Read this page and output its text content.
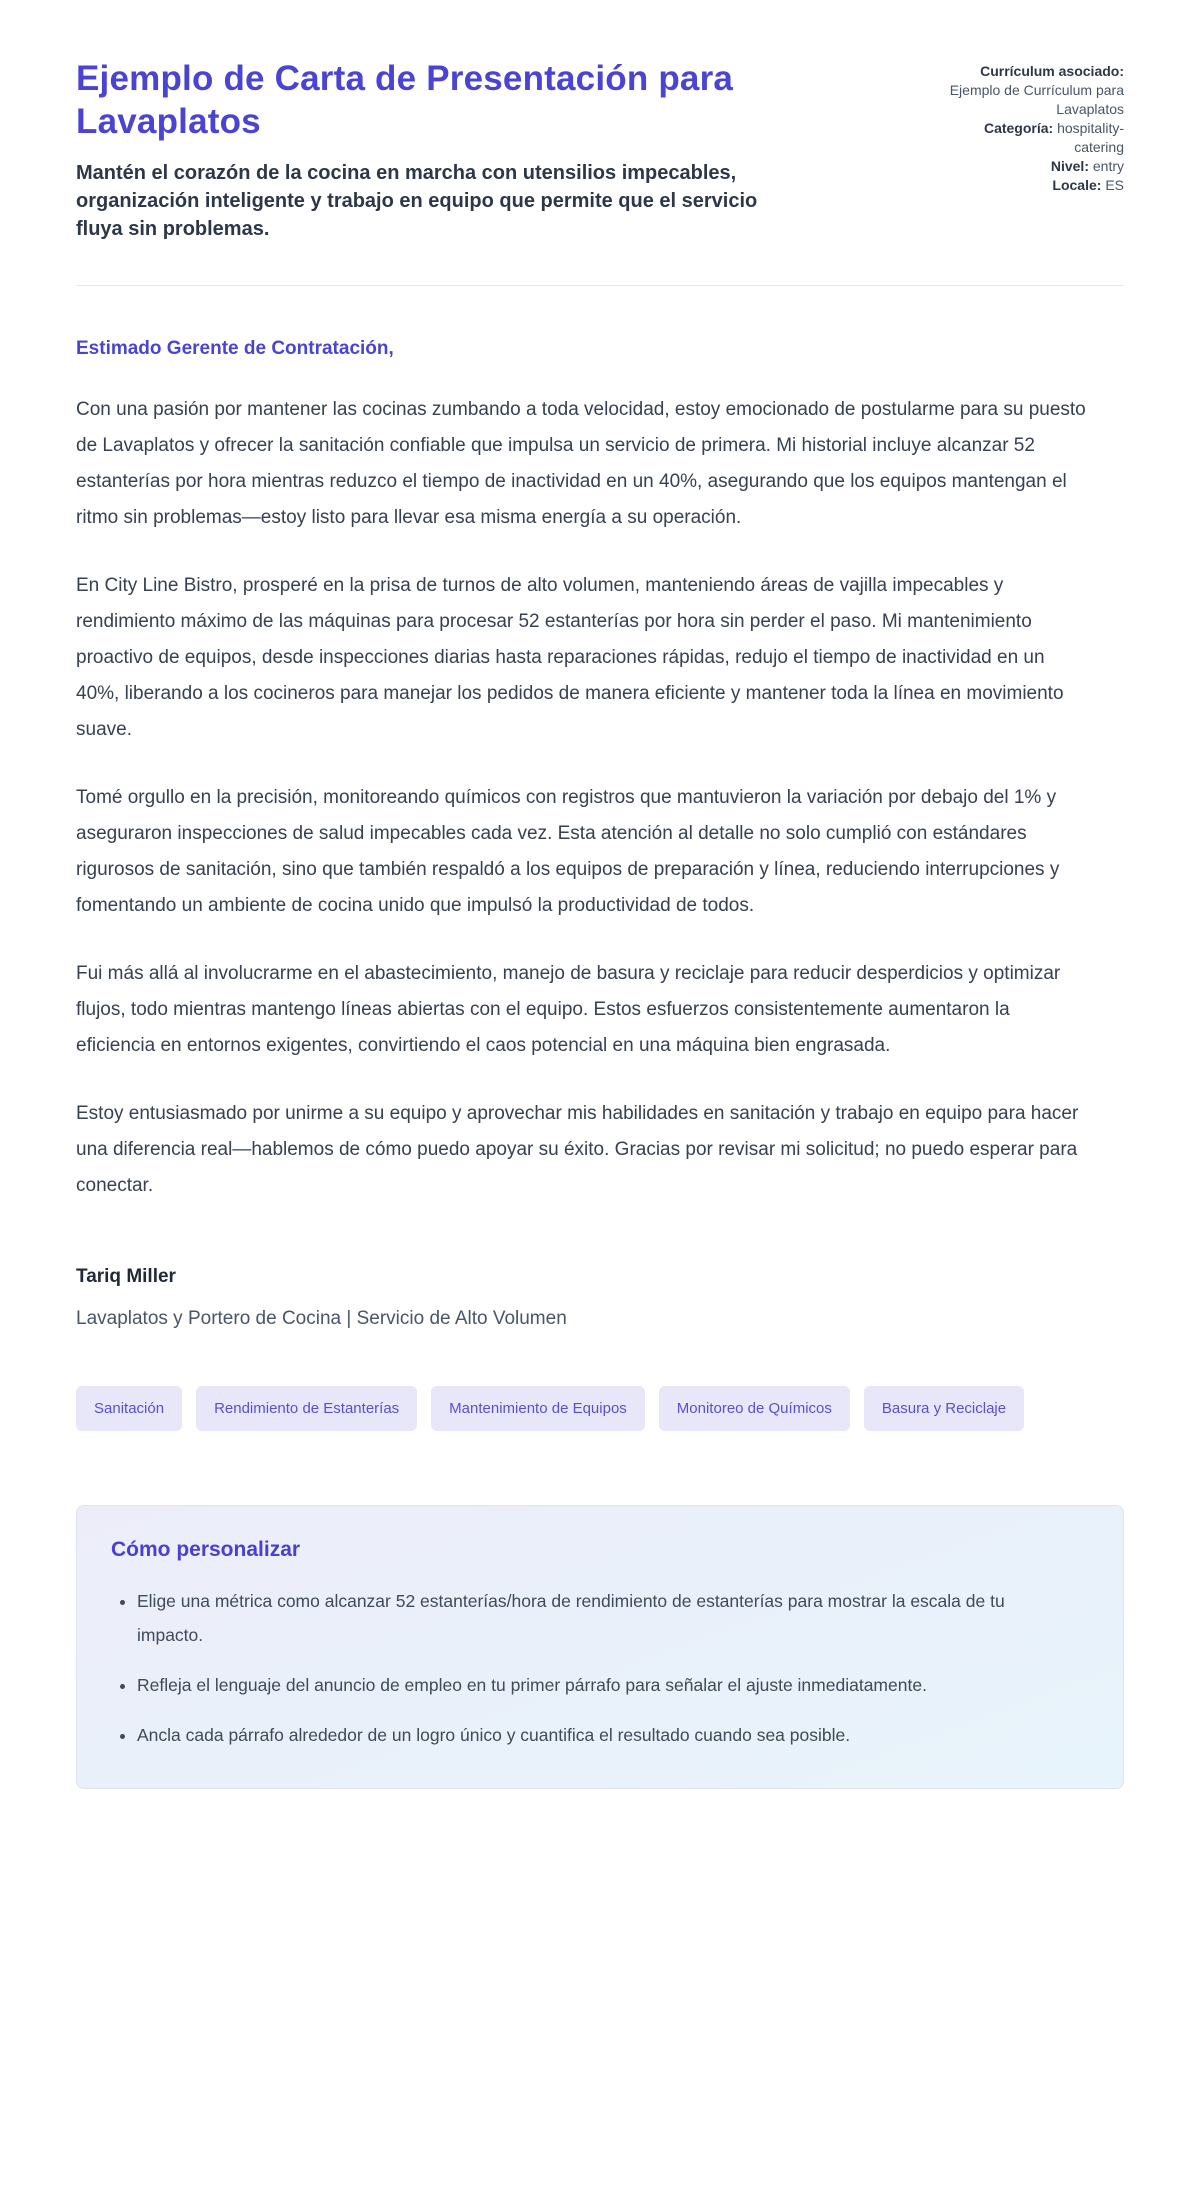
Ejemplo de Carta de Presentación para Lavaplatos

Mantén el corazón de la cocina en marcha con utensilios impecables, organización inteligente y trabajo en equipo que permite que el servicio fluya sin problemas.

Currículum asociado: Ejemplo de Currículum para Lavaplatos
Categoría: hospitality-catering
Nivel: entry
Locale: ES

Estimado Gerente de Contratación,

Con una pasión por mantener las cocinas zumbando a toda velocidad, estoy emocionado de postularme para su puesto de Lavaplatos y ofrecer la sanitación confiable que impulsa un servicio de primera. Mi historial incluye alcanzar 52 estanterías por hora mientras reduzco el tiempo de inactividad en un 40%, asegurando que los equipos mantengan el ritmo sin problemas—estoy listo para llevar esa misma energía a su operación.

En City Line Bistro, prosperé en la prisa de turnos de alto volumen, manteniendo áreas de vajilla impecables y rendimiento máximo de las máquinas para procesar 52 estanterías por hora sin perder el paso. Mi mantenimiento proactivo de equipos, desde inspecciones diarias hasta reparaciones rápidas, redujo el tiempo de inactividad en un 40%, liberando a los cocineros para manejar los pedidos de manera eficiente y mantener toda la línea en movimiento suave.

Tomé orgullo en la precisión, monitoreando químicos con registros que mantuvieron la variación por debajo del 1% y aseguraron inspecciones de salud impecables cada vez. Esta atención al detalle no solo cumplió con estándares rigurosos de sanitación, sino que también respaldó a los equipos de preparación y línea, reduciendo interrupciones y fomentando un ambiente de cocina unido que impulsó la productividad de todos.

Fui más allá al involucrarme en el abastecimiento, manejo de basura y reciclaje para reducir desperdicios y optimizar flujos, todo mientras mantengo líneas abiertas con el equipo. Estos esfuerzos consistentemente aumentaron la eficiencia en entornos exigentes, convirtiendo el caos potencial en una máquina bien engrasada.

Estoy entusiasmado por unirme a su equipo y aprovechar mis habilidades en sanitación y trabajo en equipo para hacer una diferencia real—hablemos de cómo puedo apoyar su éxito. Gracias por revisar mi solicitud; no puedo esperar para conectar.

Tariq Miller

Lavaplatos y Portero de Cocina | Servicio de Alto Volumen

Sanitación	Rendimiento de Estanterías	Mantenimiento de Equipos	Monitoreo de Químicos	Basura y Reciclaje
Cómo personalizar
• Elige una métrica como alcanzar 52 estanterías/hora de rendimiento de estanterías para mostrar la escala de tu impacto.
• Refleja el lenguaje del anuncio de empleo en tu primer párrafo para señalar el ajuste inmediatamente.
• Ancla cada párrafo alrededor de un logro único y cuantifica el resultado cuando sea posible.
